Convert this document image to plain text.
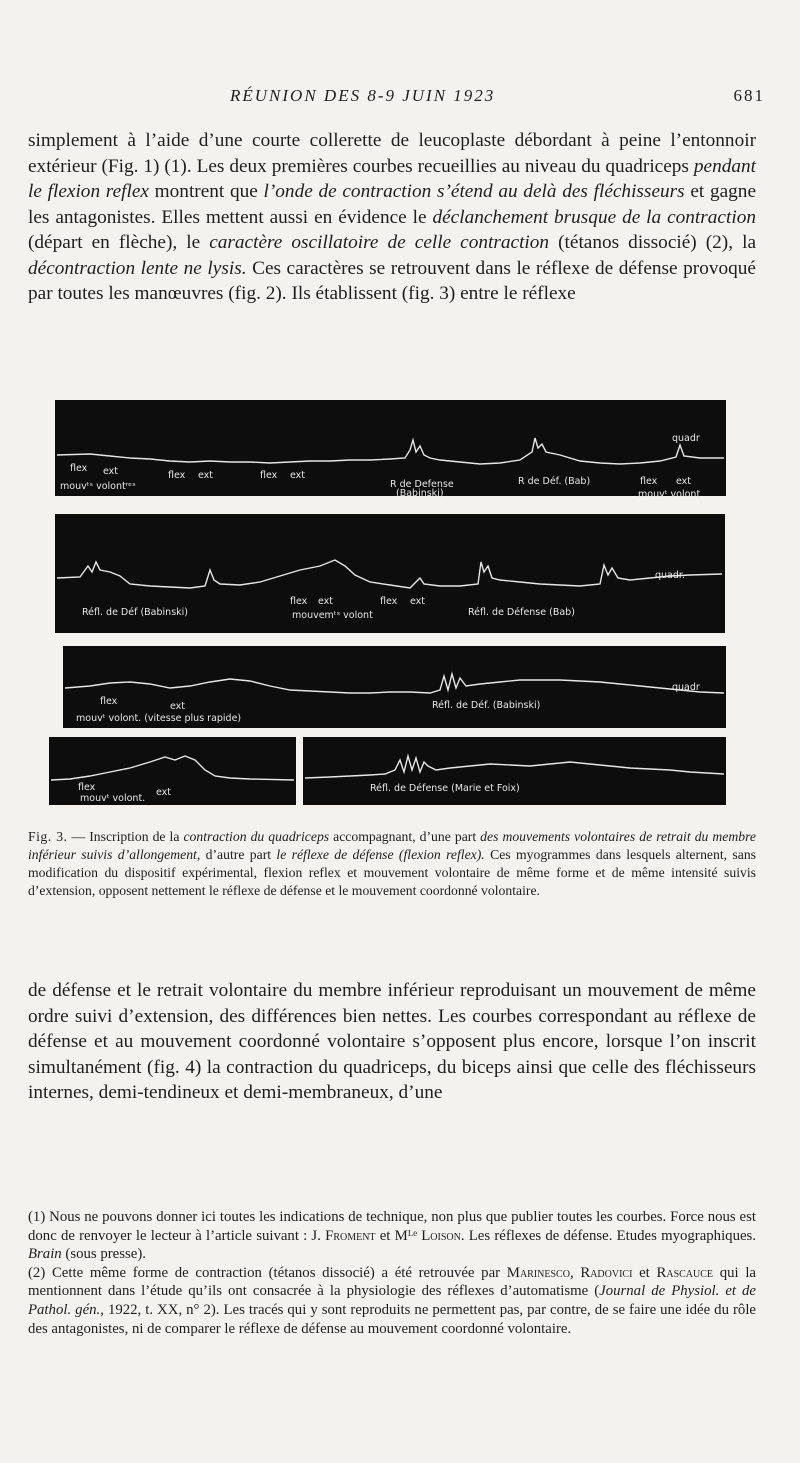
RÉUNION DES 8-9 JUIN 1923	681

simplement à l’aide d’une courte collerette de leucoplaste débordant à peine l’entonnoir extérieur (Fig. 1) (1). Les deux premières courbes recueillies au niveau du quadriceps pendant le flexion reflex montrent que l’onde de contraction s’étend au delà des fléchisseurs et gagne les antagonistes. Elles mettent aussi en évidence le déclanchement brusque de la contraction (départ en flèche), le caractère oscillatoire de celle contraction (tétanos dissocié) (2), la décontraction lente ne lysis. Ces caractères se retrouvent dans le réflexe de défense provoqué par toutes les manœuvres (fig. 2). Ils établissent (fig. 3) entre le réflexe

flex ext
mouvᵗˢ volontʳᵉˢ
flex ext	flex ext
R de Defense
(Babinski)
R de Déf. (Bab)	flex ext
mouvᵗ volont
quadr
Réfl. de Déf (Babinski)
flex ext
mouvemᵗˢ volont
flex ext
Réfl. de Défense (Bab)
quadr.
flex	ext
mouvᵗ volont. (vitesse plus rapide)
Réfl. de Déf. (Babinski)
quadr
flex	ext
mouvᵗ volont.
Réfl. de Défense (Marie et Foix)

Fig. 3. — Inscription de la contraction du quadriceps accompagnant, d’une part des mouvements volontaires de retrait du membre inférieur suivis d’allongement, d’autre part le réflexe de défense (flexion reflex). Ces myogrammes dans lesquels alternent, sans modification du dispositif expérimental, flexion reflex et mouvement volontaire de même forme et de même intensité suivis d’extension, opposent nettement le réflexe de défense et le mouvement coordonné volontaire.

de défense et le retrait volontaire du membre inférieur reproduisant un mouvement de même ordre suivi d’extension, des différences bien nettes. Les courbes correspondant au réflexe de défense et au mouvement coordonné volontaire s’opposent plus encore, lorsque l’on inscrit simultanément (fig. 4) la contraction du quadriceps, du biceps ainsi que celle des fléchisseurs internes, demi-tendineux et demi-membraneux, d’une

(1) Nous ne pouvons donner ici toutes les indications de technique, non plus que publier toutes les courbes. Force nous est donc de renvoyer le lecteur à l’article suivant : J. Froment et Mᴸᵉ Loison. Les réflexes de défense. Etudes myographiques. Brain (sous presse).

(2) Cette même forme de contraction (tétanos dissocié) a été retrouvée par Marinesco, Radovici et Rascauce qui la mentionnent dans l’étude qu’ils ont consacrée à la physiologie des réflexes d’automatisme (Journal de Physiol. et de Pathol. gén., 1922, t. XX, n° 2). Les tracés qui y sont reproduits ne permettent pas, par contre, de se faire une idée du rôle des antagonistes, ni de comparer le réflexe de défense au mouvement coordonné volontaire.
